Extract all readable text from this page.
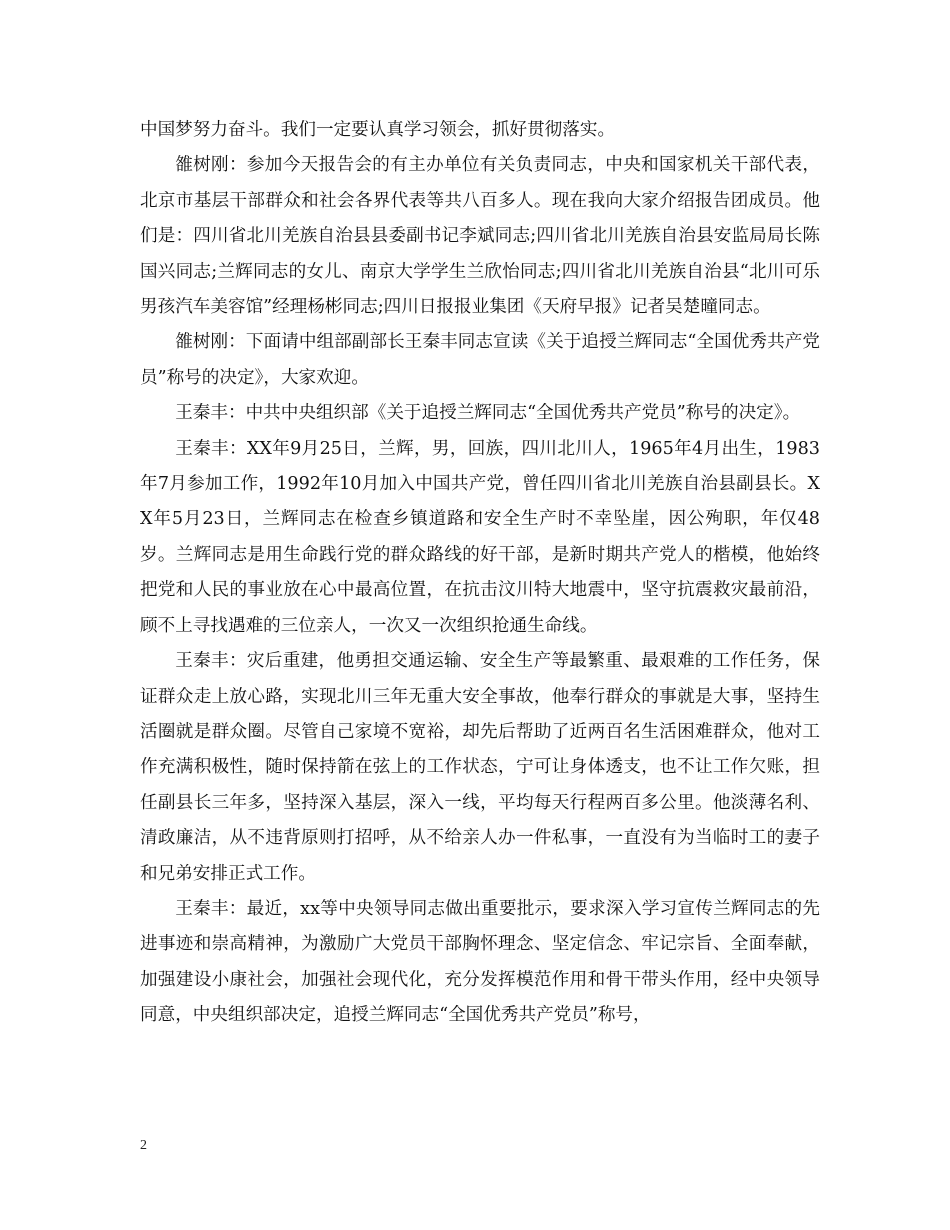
中国梦努力奋斗。我们一定要认真学习领会，抓好贯彻落实。

雒树刚：参加今天报告会的有主办单位有关负责同志，中央和国家机关干部代表，北京市基层干部群众和社会各界代表等共八百多人。现在我向大家介绍报告团成员。他们是：四川省北川羌族自治县县委副书记李斌同志;四川省北川羌族自治县安监局局长陈国兴同志;兰辉同志的女儿、南京大学学生兰欣怡同志;四川省北川羌族自治县“北川可乐男孩汽车美容馆”经理杨彬同志;四川日报报业集团《天府早报》记者吴楚曈同志。

雒树刚：下面请中组部副部长王秦丰同志宣读《关于追授兰辉同志“全国优秀共产党员”称号的决定》，大家欢迎。

王秦丰：中共中央组织部《关于追授兰辉同志“全国优秀共产党员”称号的决定》。

王秦丰：XX年9月25日，兰辉，男，回族，四川北川人，1965年4月出生，1983年7月参加工作，1992年10月加入中国共产党，曾任四川省北川羌族自治县副县长。XX年5月23日，兰辉同志在检查乡镇道路和安全生产时不幸坠崖，因公殉职，年仅48岁。兰辉同志是用生命践行党的群众路线的好干部，是新时期共产党人的楷模，他始终把党和人民的事业放在心中最高位置，在抗击汶川特大地震中，坚守抗震救灾最前沿，顾不上寻找遇难的三位亲人，一次又一次组织抢通生命线。

王秦丰：灾后重建，他勇担交通运输、安全生产等最繁重、最艰难的工作任务，保证群众走上放心路，实现北川三年无重大安全事故，他奉行群众的事就是大事，坚持生活圈就是群众圈。尽管自己家境不宽裕，却先后帮助了近两百名生活困难群众，他对工作充满积极性，随时保持箭在弦上的工作状态，宁可让身体透支，也不让工作欠账，担任副县长三年多，坚持深入基层，深入一线，平均每天行程两百多公里。他淡薄名利、清政廉洁，从不违背原则打招呼，从不给亲人办一件私事，一直没有为当临时工的妻子和兄弟安排正式工作。

王秦丰：最近，xx等中央领导同志做出重要批示，要求深入学习宣传兰辉同志的先进事迹和崇高精神，为激励广大党员干部胸怀理念、坚定信念、牢记宗旨、全面奉献，加强建设小康社会，加强社会现代化，充分发挥模范作用和骨干带头作用，经中央领导同意，中央组织部决定，追授兰辉同志“全国优秀共产党员”称号，

2
